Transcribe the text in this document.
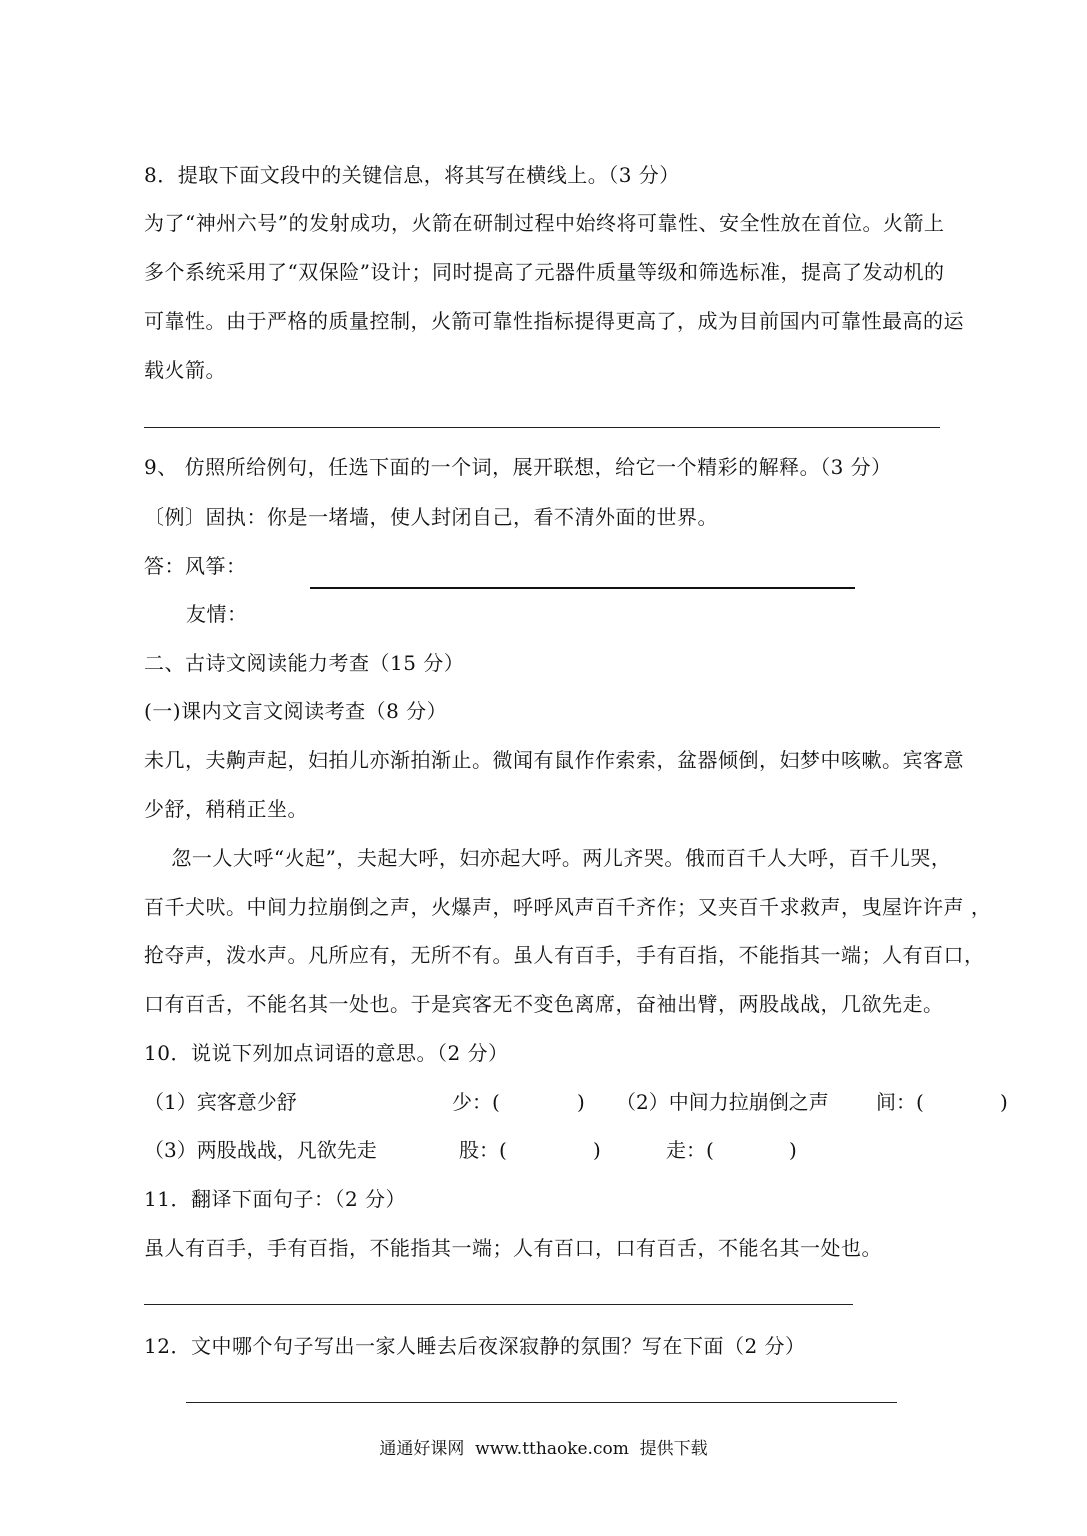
8．提取下面文段中的关键信息，将其写在横线上。（3 分）
为了“神州六号”的发射成功，火箭在研制过程中始终将可靠性、安全性放在首位。火箭上
多个系统采用了“双保险”设计；同时提高了元器件质量等级和筛选标准，提高了发动机的
可靠性。由于严格的质量控制，火箭可靠性指标提得更高了，成为目前国内可靠性最高的运
载火箭。
9、 仿照所给例句，任选下面的一个词，展开联想，给它一个精彩的解释。（3 分）
〔例〕固执：你是一堵墙，使人封闭自己，看不清外面的世界。
答：风筝：
友情：
二、古诗文阅读能力考查（15 分）
(一)课内文言文阅读考查（8 分）
未几，夫齁声起，妇拍儿亦渐拍渐止。微闻有鼠作作索索，盆器倾倒，妇梦中咳嗽。宾客意
少舒，稍稍正坐。
忽一人大呼“火起”，夫起大呼，妇亦起大呼。两儿齐哭。俄而百千人大呼，百千儿哭，
百千犬吠。中间力拉崩倒之声，火爆声，呼呼风声百千齐作；又夹百千求救声，曳屋许许声 ，
抢夺声，泼水声。凡所应有，无所不有。虽人有百手，手有百指，不能指其一端；人有百口，
口有百舌，不能名其一处也。于是宾客无不变色离席，奋袖出臂，两股战战，几欲先走。
10．说说下列加点词语的意思。（2 分）
（1）宾客意少舒	少：(	) （2）中间力拉崩倒之声 间：(	)
（3）两股战战，凡欲先走	股：(	)	走：(	)
11．翻译下面句子：（2 分）
虽人有百手，手有百指，不能指其一端；人有百口，口有百舌，不能名其一处也。
12．文中哪个句子写出一家人睡去后夜深寂静的氛围？写在下面（2 分）
通通好课网  www.tthaoke.com  提供下载
